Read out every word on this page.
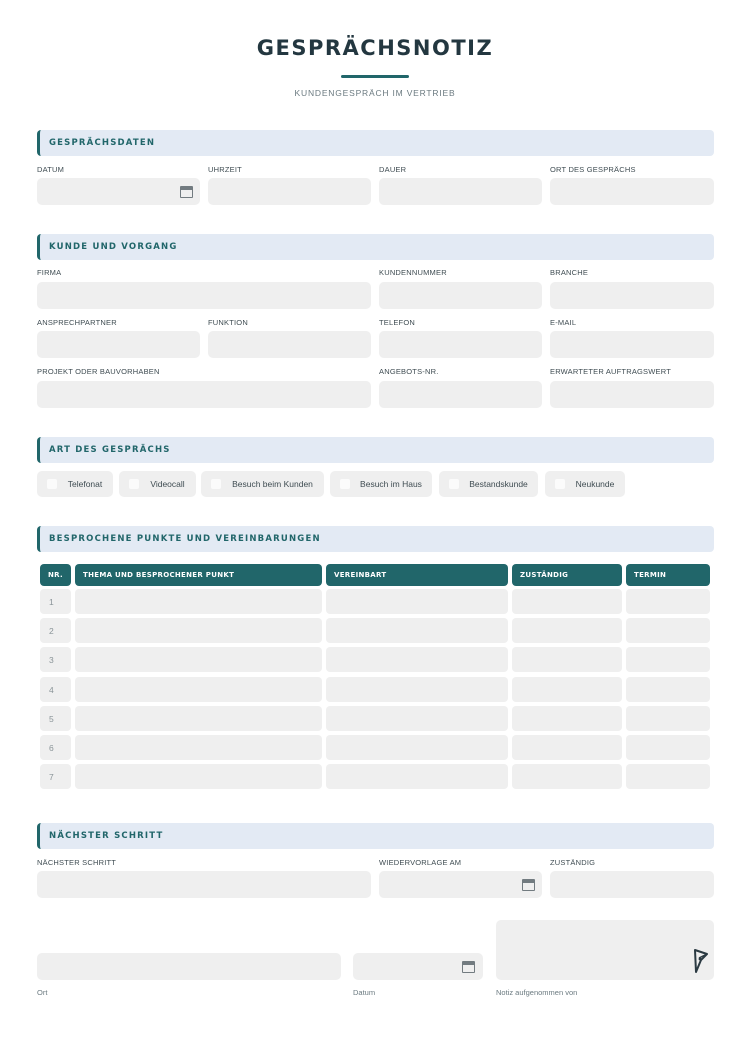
GESPRÄCHSNOTIZ
KUNDENGESPRÄCH IM VERTRIEB
GESPRÄCHSDATEN
DATUM	UHRZEIT	DAUER	ORT DES GESPRÄCHS
KUNDE UND VORGANG
FIRMA	KUNDENNUMMER	BRANCHE
ANSPRECHPARTNER	FUNKTION	TELEFON	E-MAIL
PROJEKT ODER BAUVORHABEN	ANGEBOTS-NR.	ERWARTETER AUFTRAGSWERT
ART DES GESPRÄCHS
Telefonat	Videocall	Besuch beim Kunden	Besuch im Haus	Bestandskunde	Neukunde
BESPROCHENE PUNKTE UND VEREINBARUNGEN
NR.	THEMA UND BESPROCHENER PUNKT	VEREINBART	ZUSTÄNDIG	TERMIN
1
2
3
4
5
6
7
NÄCHSTER SCHRITT
NÄCHSTER SCHRITT	WIEDERVORLAGE AM	ZUSTÄNDIG
Ort	Datum	Notiz aufgenommen von
